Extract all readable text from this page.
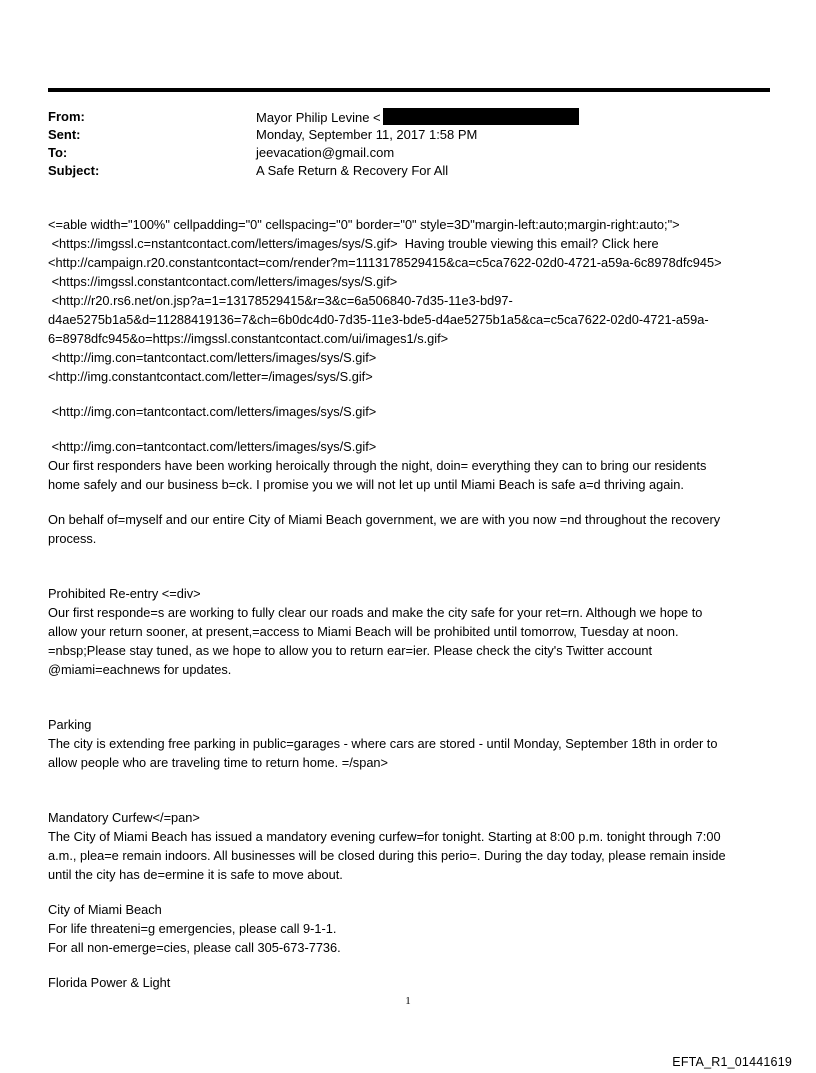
From:	Mayor Philip Levine <
Sent:	Monday, September 11, 2017 1:58 PM
To:	jeevacation@gmail.com
Subject:	A Safe Return & Recovery For All

<=able width="100%" cellpadding="0" cellspacing="0" border="0" style=3D"margin-left:auto;margin-right:auto;">
<https://imgssl.c=nstantcontact.com/letters/images/sys/S.gif>  Having trouble viewing this email? Click here
<http://campaign.r20.constantcontact=com/render?m=1113178529415&ca=c5ca7622-02d0-4721-a59a-6c8978dfc945>
<https://imgssl.constantcontact.com/letters/images/sys/S.gif>
<http://r20.rs6.net/on.jsp?a=1=13178529415&r=3&c=6a506840-7d35-11e3-bd97-
d4ae5275b1a5&d=11288419136=7&ch=6b0dc4d0-7d35-11e3-bde5-d4ae5275b1a5&ca=c5ca7622-02d0-4721-a59a-
6=8978dfc945&o=https://imgssl.constantcontact.com/ui/images1/s.gif>
<http://img.con=tantcontact.com/letters/images/sys/S.gif>
<http://img.constantcontact.com/letter=/images/sys/S.gif>

<http://img.con=tantcontact.com/letters/images/sys/S.gif>

<http://img.con=tantcontact.com/letters/images/sys/S.gif>
Our first responders have been working heroically through the night, doin= everything they can to bring our residents
home safely and our business b=ck. I promise you we will not let up until Miami Beach is safe a=d thriving again.

On behalf of=myself and our entire City of Miami Beach government, we are with you now =nd throughout the recovery
process.

Prohibited Re-entry <=div>
Our first responde=s are working to fully clear our roads and make the city safe for your ret=rn. Although we hope to
allow your return sooner, at present,=access to Miami Beach will be prohibited until tomorrow, Tuesday at noon.
=nbsp;Please stay tuned, as we hope to allow you to return ear=ier. Please check the city's Twitter account
@miami=eachnews for updates.

Parking
The city is extending free parking in public=garages - where cars are stored - until Monday, September 18th in order to
allow people who are traveling time to return home. =/span>

Mandatory Curfew</=pan>
The City of Miami Beach has issued a mandatory evening curfew=for tonight. Starting at 8:00 p.m. tonight through 7:00
a.m., plea=e remain indoors. All businesses will be closed during this perio=. During the day today, please remain inside
until the city has de=ermine it is safe to move about.

City of Miami Beach
For life threateni=g emergencies, please call 9-1-1.
For all non-emerge=cies, please call 305-673-7736.

Florida Power & Light

1
EFTA_R1_01441619
